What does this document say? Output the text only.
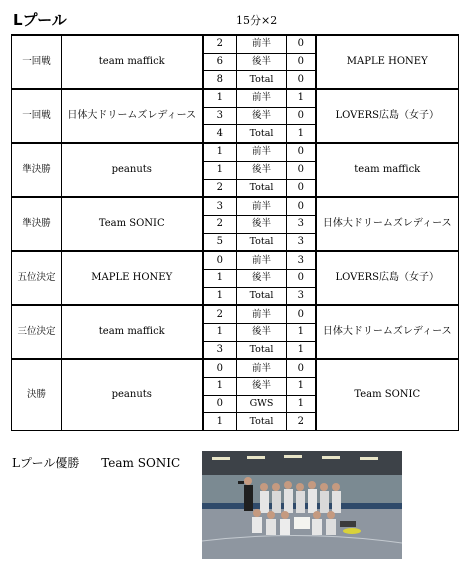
Lプール	15分×2
一回戦	team maffick	2	前半	0	MAPLE HONEY
		6	後半	0	
		8	Total	0	
一回戦	日体大ドリームズレディース	1	前半	1	LOVERS広島（女子）
		3	後半	0	
		4	Total	1	
準決勝	peanuts	1	前半	0	team maffick
		1	後半	0	
		2	Total	0	
準決勝	Team SONIC	3	前半	0	日体大ドリームズレディース
		2	後半	3	
		5	Total	3	
五位決定	MAPLE HONEY	0	前半	3	LOVERS広島（女子）
		1	後半	0	
		1	Total	3	
三位決定	team maffick	2	前半	0	日体大ドリームズレディース
		1	後半	1	
		3	Total	1	
決勝	peanuts	0	前半	0	Team SONIC
		1	後半	1	
		0	GWS	1	
		1	Total	2	
Lプール優勝 Team SONIC
